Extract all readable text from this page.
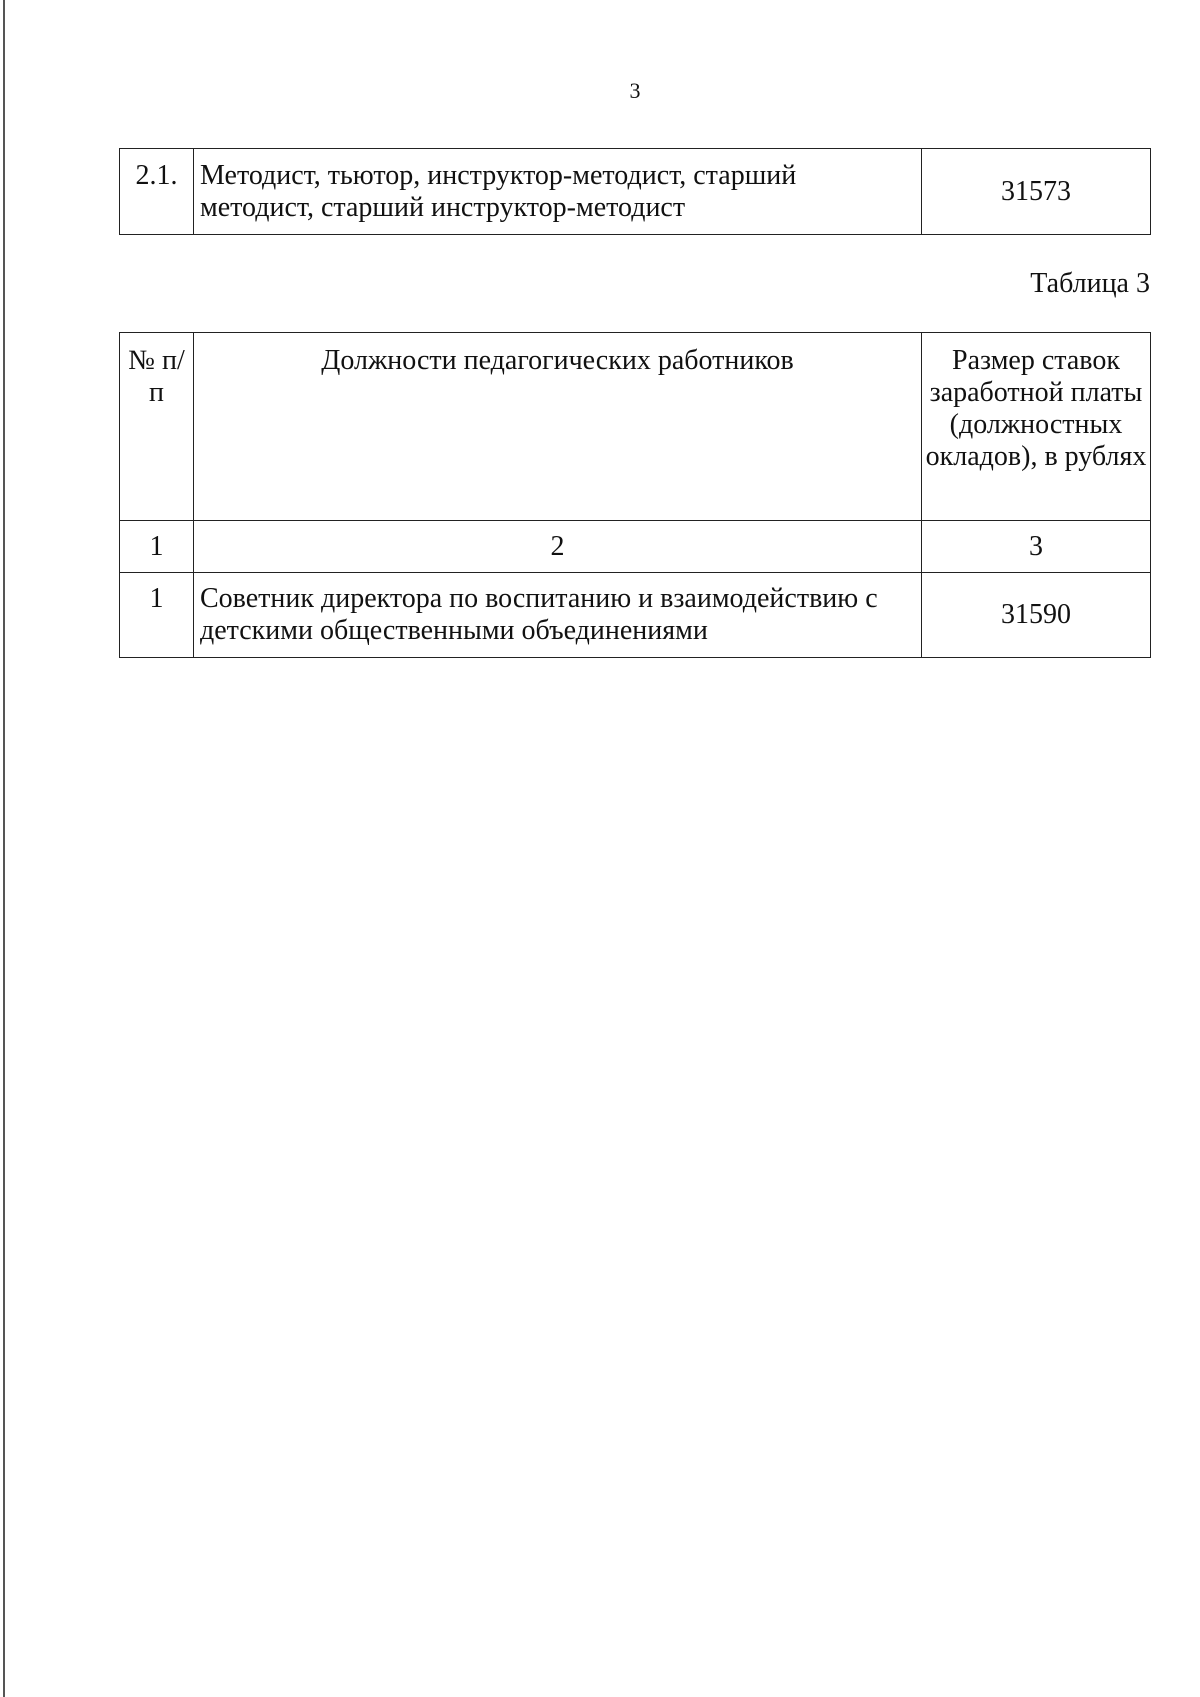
3
2.1.	Методист, тьютор, инструктор-методист, старший методист, старший инструктор-методист	31573
Таблица 3
№ п/п	Должности педагогических работников	Размер ставок заработной платы (должностных окладов), в рублях
1	2	3
1	Советник директора по воспитанию и взаимодействию с детскими общественными объединениями	31590
